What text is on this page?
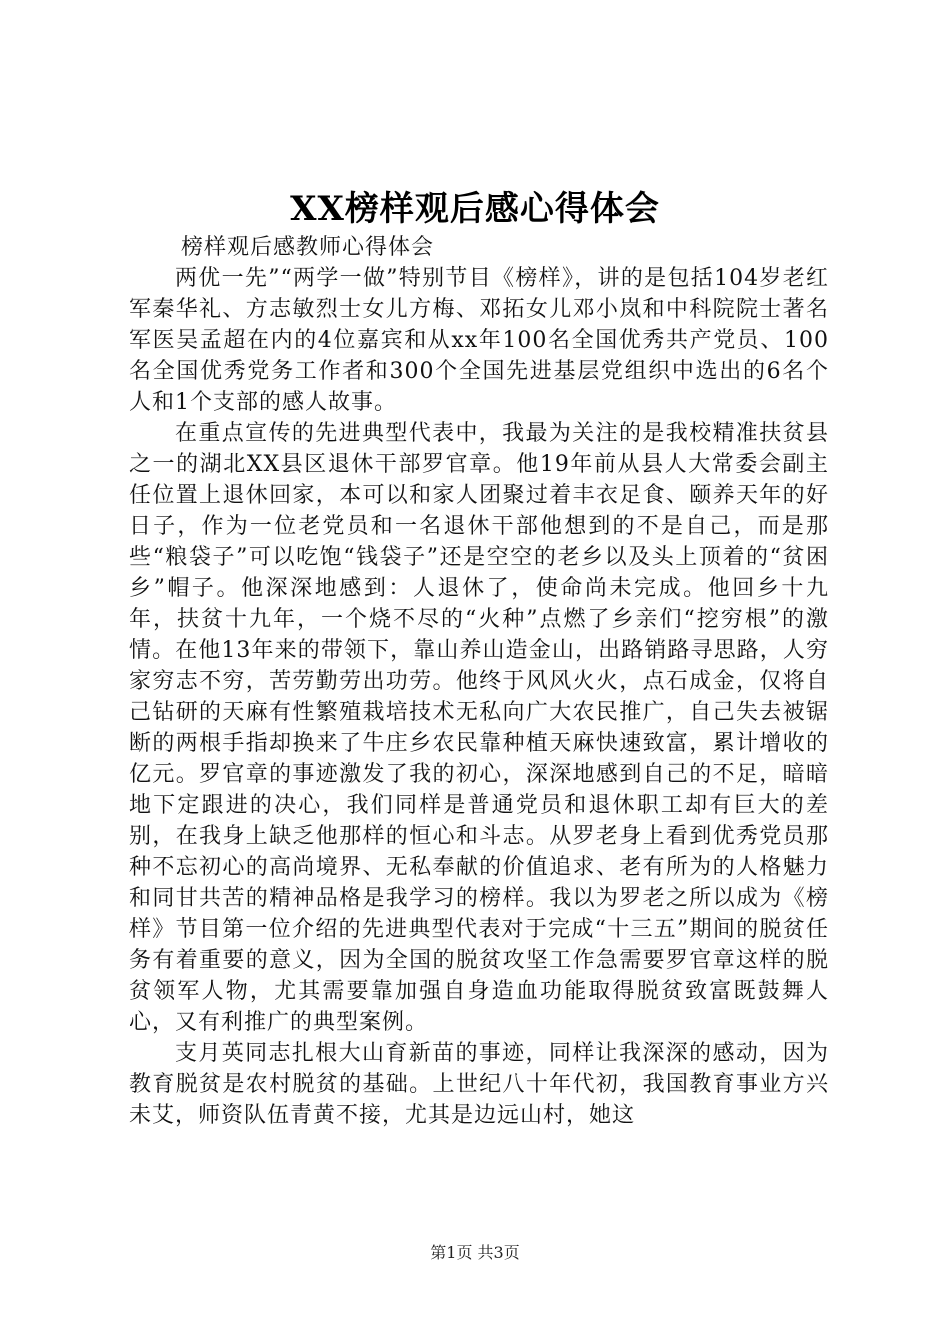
XX榜样观后感心得体会

榜样观后感教师心得体会

两优一先”“两学一做”特别节目《榜样》，讲的是包括104岁老红军秦华礼、方志敏烈士女儿方梅、邓拓女儿邓小岚和中科院院士著名军医吴孟超在内的4位嘉宾和从xx年100名全国优秀共产党员、100名全国优秀党务工作者和300个全国先进基层党组织中选出的6名个人和1个支部的感人故事。

在重点宣传的先进典型代表中，我最为关注的是我校精准扶贫县之一的湖北XX县区退休干部罗官章。他19年前从县人大常委会副主任位置上退休回家，本可以和家人团聚过着丰衣足食、颐养天年的好日子，作为一位老党员和一名退休干部他想到的不是自己，而是那些“粮袋子”可以吃饱“钱袋子”还是空空的老乡以及头上顶着的“贫困乡”帽子。他深深地感到：人退休了，使命尚未完成。他回乡十九年，扶贫十九年，一个烧不尽的“火种”点燃了乡亲们“挖穷根”的激情。在他13年来的带领下，靠山养山造金山，出路销路寻思路，人穷家穷志不穷，苦劳勤劳出功劳。他终于风风火火，点石成金，仅将自己钻研的天麻有性繁殖栽培技术无私向广大农民推广，自己失去被锯断的两根手指却换来了牛庄乡农民靠种植天麻快速致富，累计增收的亿元。罗官章的事迹激发了我的初心，深深地感到自己的不足，暗暗地下定跟进的决心，我们同样是普通党员和退休职工却有巨大的差别，在我身上缺乏他那样的恒心和斗志。从罗老身上看到优秀党员那种不忘初心的高尚境界、无私奉献的价值追求、老有所为的人格魅力和同甘共苦的精神品格是我学习的榜样。我以为罗老之所以成为《榜样》节目第一位介绍的先进典型代表对于完成“十三五”期间的脱贫任务有着重要的意义，因为全国的脱贫攻坚工作急需要罗官章这样的脱贫领军人物，尤其需要靠加强自身造血功能取得脱贫致富既鼓舞人心，又有利推广的典型案例。

支月英同志扎根大山育新苗的事迹，同样让我深深的感动，因为教育脱贫是农村脱贫的基础。上世纪八十年代初，我国教育事业方兴未艾，师资队伍青黄不接，尤其是边远山村，她这

第1页 共3页
